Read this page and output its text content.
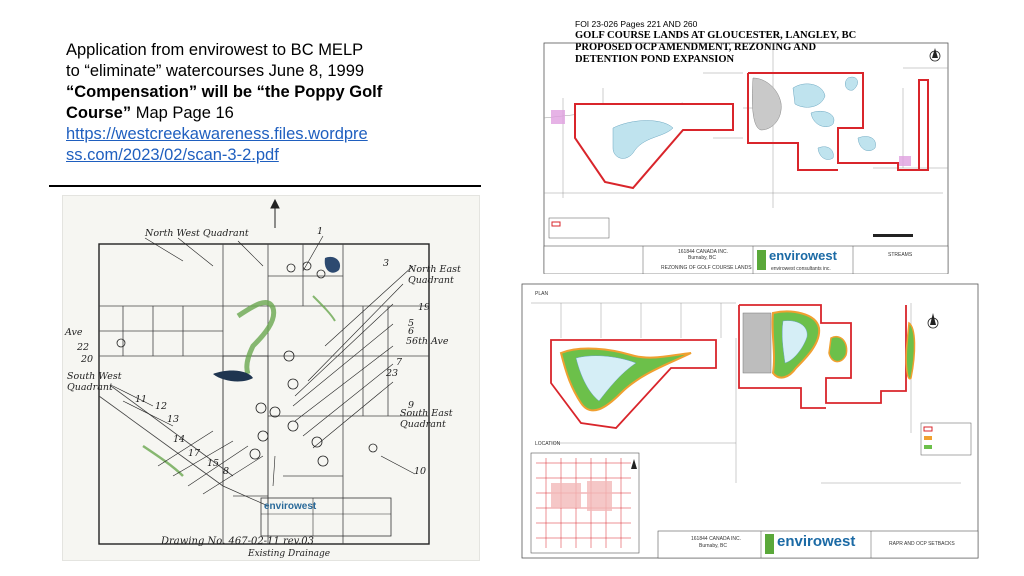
Application from envirowest to BC MELP
to “eliminate” watercourses June 8, 1999
“Compensation” will be “the Poppy Golf
Course” Map Page 16
https://westcreekawareness.files.wordpre
ss.com/2023/02/scan-3-2.pdf
North West Quadrant
North East Quadrant
South West Quadrant
South East Quadrant
56th Ave
Ave
1
19
3
5
6
7
23
9
10
22
20
12
13
14
17
15
8
11
envirowest
Drawing No. 467-02-11 rev.03
Existing Drainage
FOI 23-026 Pages 221 AND 260
GOLF COURSE LANDS AT GLOUCESTER, LANGLEY, BC
PROPOSED OCP AMENDMENT, REZONING AND
DETENTION POND EXPANSION
envirowest
envirowest consultants inc.
161844 CANADA INC.
Burnaby, BC
REZONING OF GOLF COURSE LANDS
STREAMS
LOCATION
PLAN
envirowest
161844 CANADA INC.
Burnaby, BC	RAPR AND OCP SETBACKS
